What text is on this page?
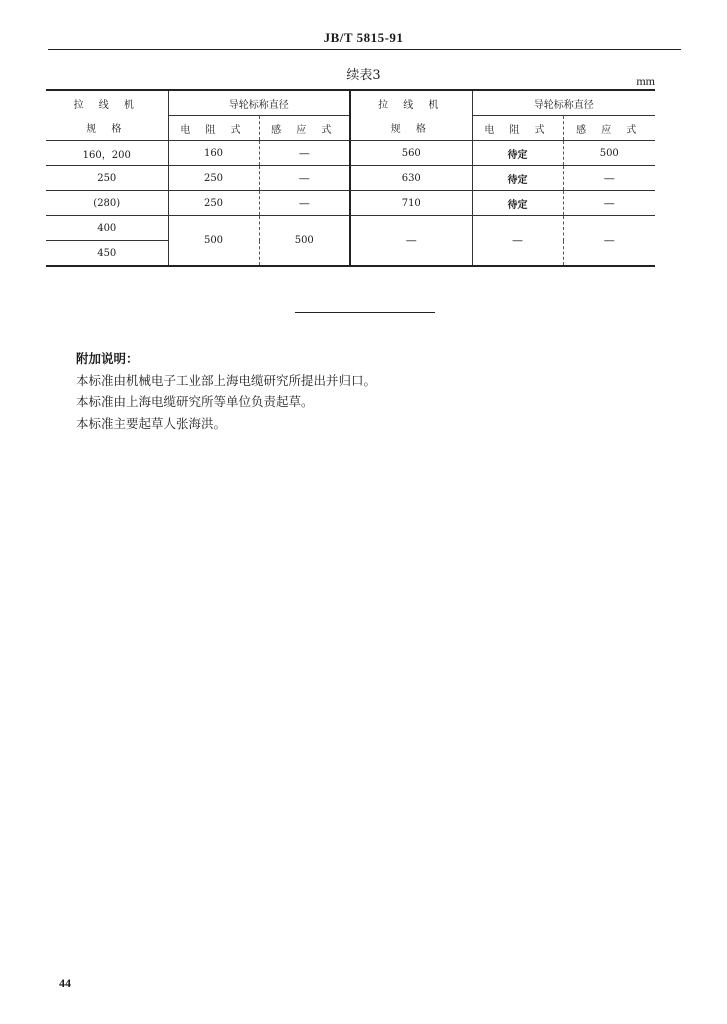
JB/T 5815-91
续表3	mm
拉 线 机	导轮标称直径		拉 线 机	导轮标称直径	
规 格	电 阻 式	感 应 式	规 格	电 阻 式	感 应 式
160，200	160	—	560	待定	500
250	250	—	630	待定	—
(280)	250	—	710	待定	—
400	500	500	—	—	—
450					
附加说明：
本标准由机械电子工业部上海电缆研究所提出并归口。
本标准由上海电缆研究所等单位负责起草。
本标准主要起草人张海洪。
44
